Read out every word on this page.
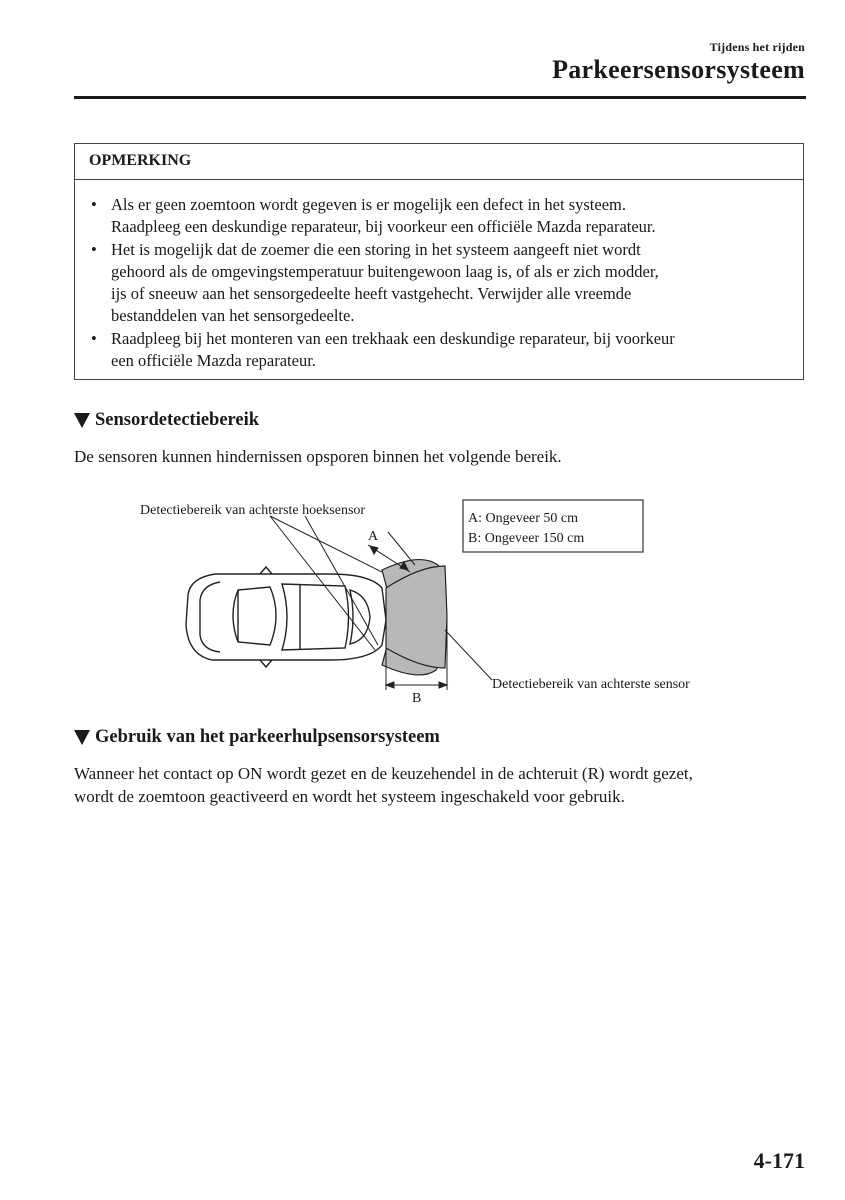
Tijdens het rijden
Parkeersensorsysteem
OPMERKING
• Als er geen zoemtoon wordt gegeven is er mogelijk een defect in het systeem.
Raadpleeg een deskundige reparateur, bij voorkeur een officiële Mazda reparateur.
• Het is mogelijk dat de zoemer die een storing in het systeem aangeeft niet wordt
gehoord als de omgevingstemperatuur buitengewoon laag is, of als er zich modder,
ijs of sneeuw aan het sensorgedeelte heeft vastgehecht. Verwijder alle vreemde
bestanddelen van het sensorgedeelte.
• Raadpleeg bij het monteren van een trekhaak een deskundige reparateur, bij voorkeur
een officiële Mazda reparateur.
Sensordetectiebereik
De sensoren kunnen hindernissen opsporen binnen het volgende bereik.
Detectiebereik van achterste hoeksensor
A
B
Detectiebereik van achterste sensor
A: Ongeveer 50 cm
B: Ongeveer 150 cm
Gebruik van het parkeerhulpsensorsysteem
Wanneer het contact op ON wordt gezet en de keuzehendel in de achteruit (R) wordt gezet,
wordt de zoemtoon geactiveerd en wordt het systeem ingeschakeld voor gebruik.
4-171
